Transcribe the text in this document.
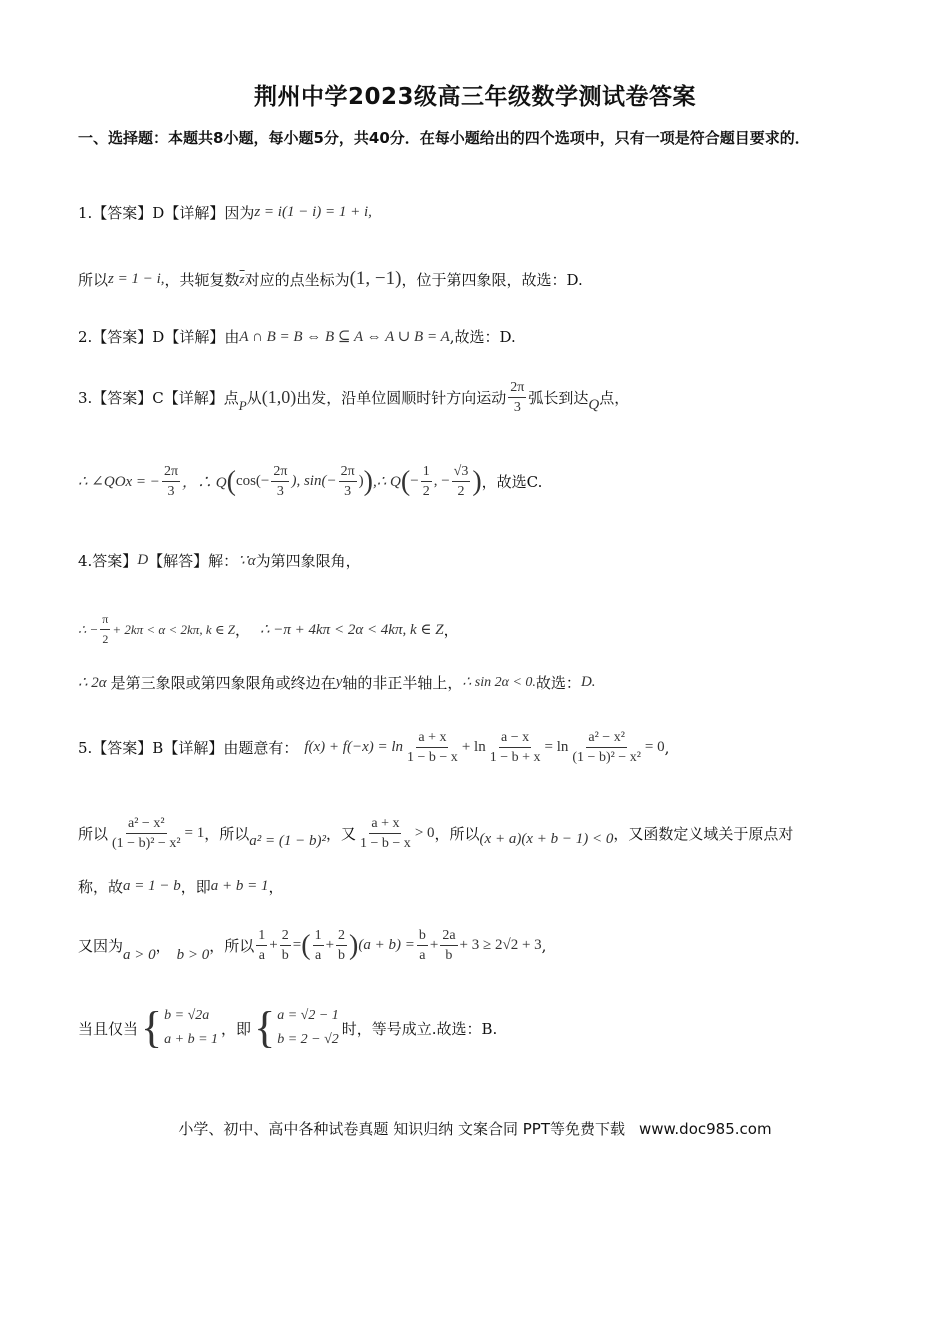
荆州中学2023级高三年级数学测试卷答案
一、选择题：本题共8小题，每小题5分，共40分．在每小题给出的四个选项中，只有一项是符合题目要求的．
1.【答案】D【详解】因为 z = i(1 − i) = 1 + i,
所以 z = 1 − i, ，共轭复数 $\overline{z}$ 对应的点坐标为 (1, −1) ，位于第四象限，故选：D.
2.【答案】D【详解】由 A ∩ B = B ⇔ B ⊆ A ⇔ A ∪ B = A ,故选：D.
3.【答案】C【详解】点 P 从 (1,0) 出发，沿单位圆顺时针方向运动 $\frac{2\pi}{3}$ 弧长到达 Q 点，
∴ ∠QOx = − $\frac{2\pi}{3}$ ，∴ Q ( $\cos(- \frac{2\pi}{3}$ ), $\sin(- \frac{2\pi}{3}$ ) ) ,∴ Q ( − $\frac{1}{2}$ , − $\frac{√3}{2}$ ) ，故选C.
4.答案】 D 【解答】解： ∵α 为第四象限角，
∴ − $\frac{\pi}{2} + 2k\pi < \alpha < 2k\pi$, k ∈ Z ， ∴ −π + 4kπ < 2α < 4kπ, k ∈ Z ，
∴ 2α 是第三象限或第四象限角或终边在 y 轴的非正半轴上， ∴ sin 2α < 0. 故选： D.
5.【答案】B【详解】由题意有： $f(x) + f(-x) = \ln \frac{a + x}{1 - b - x} + \ln \frac{a - x}{1 - b + x} = \ln \frac{\text{a² − x²}}{\text{(1 − b)² − x²}} = 0$ ,
所以 $\frac{\text{a² − x²}}{\text{(1 − b)² − x²}} = 1$ ，所以 a² = (1 − b)² ，又 $\frac{a + x}{1 - b - x} > 0$ ，所以 (x + a)(x + b − 1) < 0 ，又函数定义域关于原点对
称，故 a = 1 − b ，即 a + b = 1 ，
又因为 a > 0 ， b > 0 ，所以 $\frac{1}{a} + \frac{2}{b}$ = ( $\frac{1}{a} + \frac{2}{b}$ ) $(a + b) = \frac{b}{a} + \frac{2a}{b} + 3 \ge 2√2 + 3$ ,
当且仅当 { b = √2a
a + b = 1
，即 { a = √2 − 1
b = 2 − √2
时，等号成立.故选：B.
小学、初中、高中各种试卷真题 知识归纳 文案合同 PPT等免费下载 www.doc985.com
